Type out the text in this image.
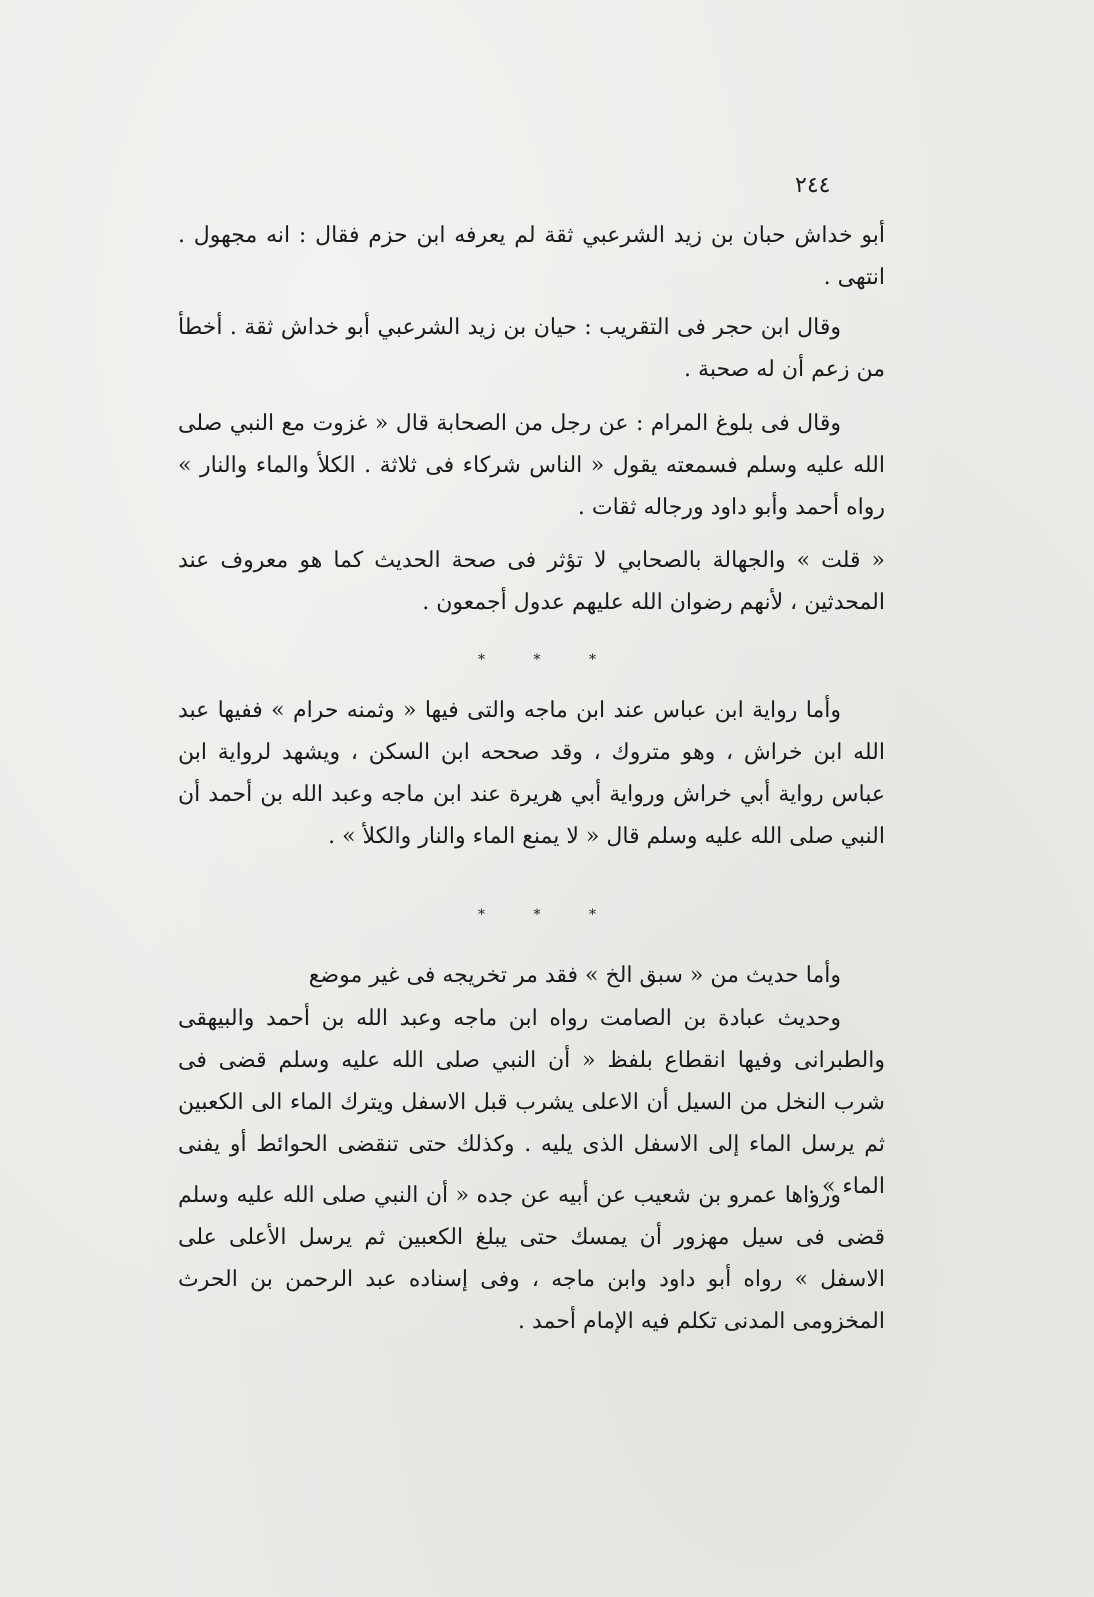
٢٤٤

أبو خداش حبان بن زيد الشرعبي ثقة لم يعرفه ابن حزم فقال : انه مجهول . انتهى .

وقال ابن حجر فى التقريب : حيان بن زيد الشرعبي أبو خداش ثقة . أخطأ من زعم أن له صحبة .

وقال فى بلوغ المرام : عن رجل من الصحابة قال « غزوت مع النبي صلى الله عليه وسلم فسمعته يقول « الناس شركاء فى ثلاثة . الكلأ والماء والنار » رواه أحمد وأبو داود ورجاله ثقات .

« قلت » والجهالة بالصحابي لا تؤثر فى صحة الحديث كما هو معروف عند المحدثين ، لأنهم رضوان الله عليهم عدول أجمعون .

* * *

وأما رواية ابن عباس عند ابن ماجه والتى فيها « وثمنه حرام » ففيها عبد الله ابن خراش ، وهو متروك ، وقد صححه ابن السكن ، ويشهد لرواية ابن عباس رواية أبي خراش ورواية أبي هريرة عند ابن ماجه وعبد الله بن أحمد أن النبي صلى الله عليه وسلم قال « لا يمنع الماء والنار والكلأ » .

* * *

وأما حديث من « سبق الخ » فقد مر تخريجه فى غير موضع

وحديث عبادة بن الصامت رواه ابن ماجه وعبد الله بن أحمد والبيهقى والطبرانى وفيها انقطاع بلفظ « أن النبي صلى الله عليه وسلم قضى فى شرب النخل من السيل أن الاعلى يشرب قبل الاسفل ويترك الماء الى الكعبين ثم يرسل الماء إلى الاسفل الذى يليه . وكذلك حتى تنقضى الحوائط أو يفنى الماء » .

ورواها عمرو بن شعيب عن أبيه عن جده « أن النبي صلى الله عليه وسلم قضى فى سيل مهزور أن يمسك حتى يبلغ الكعبين ثم يرسل الأعلى على الاسفل » رواه أبو داود وابن ماجه ، وفى إسناده عبد الرحمن بن الحرث المخزومى المدنى تكلم فيه الإمام أحمد .
